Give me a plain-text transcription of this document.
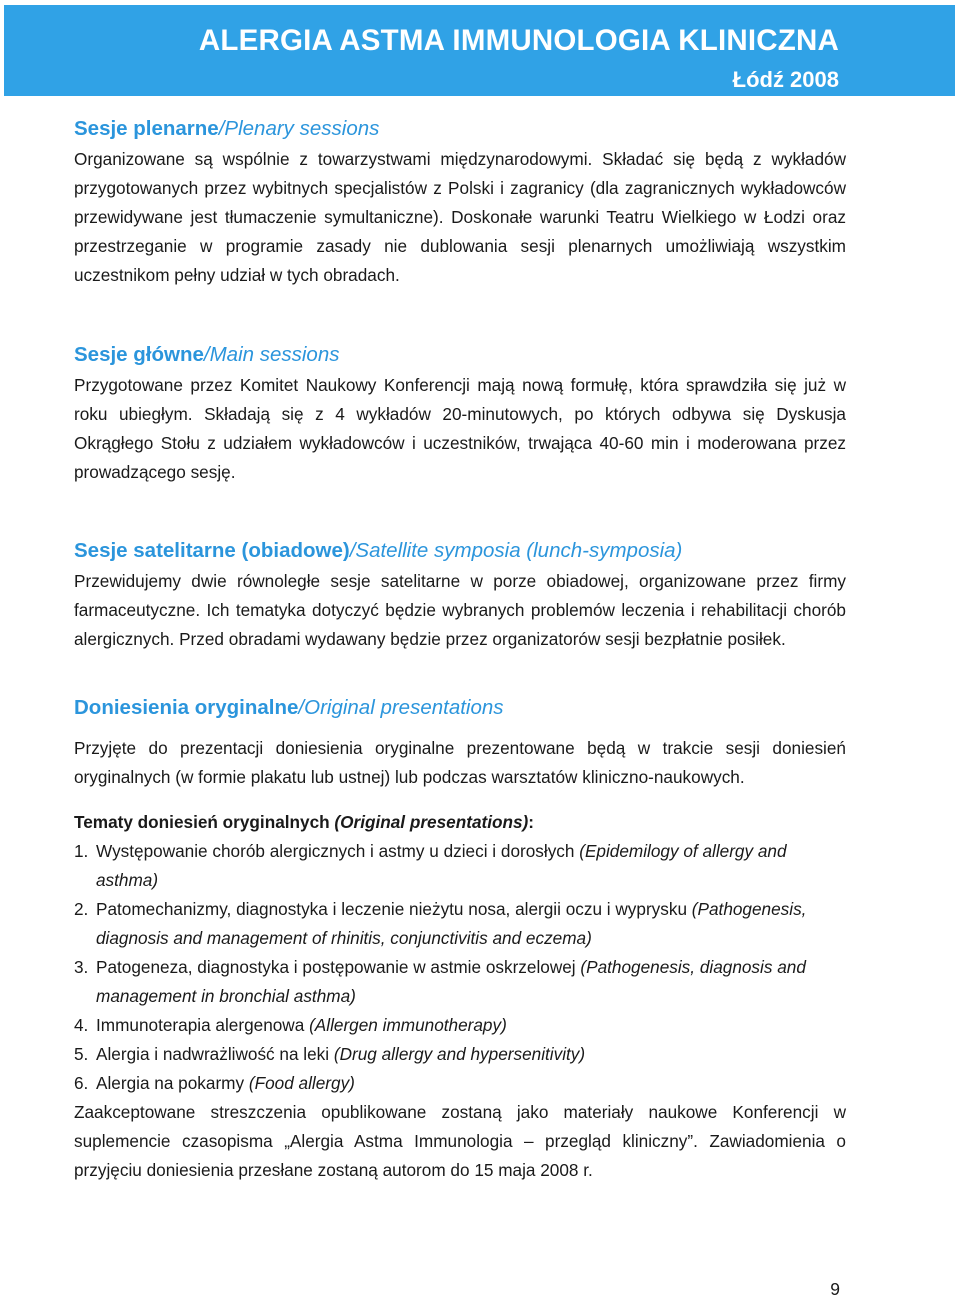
ALERGIA ASTMA IMMUNOLOGIA KLINICZNA
Łódź 2008
Sesje plenarne/Plenary sessions

Organizowane są wspólnie z towarzystwami międzynarodowymi. Składać się będą z wykładów przygotowanych przez wybitnych specjalistów z Polski i zagranicy (dla zagranicznych wykładowców przewidywane jest tłumaczenie symultaniczne). Doskonałe warunki Teatru Wielkiego w Łodzi oraz przestrzeganie w programie zasady nie dublowania sesji plenarnych umożliwiają wszystkim uczestnikom pełny udział w tych obradach.

Sesje główne/Main sessions

Przygotowane przez Komitet Naukowy Konferencji mają nową formułę, która sprawdziła się już w roku ubiegłym. Składają się z 4 wykładów 20-minutowych, po których odbywa się Dyskusja Okrągłego Stołu z udziałem wykładowców i uczestników, trwająca 40-60 min i moderowana przez prowadzącego sesję.

Sesje satelitarne (obiadowe)/Satellite symposia (lunch-symposia)

Przewidujemy dwie równoległe sesje satelitarne w porze obiadowej, organizowane przez firmy farmaceutyczne. Ich tematyka dotyczyć będzie wybranych problemów leczenia i rehabilitacji chorób alergicznych. Przed obradami wydawany będzie przez organizatorów sesji bezpłatnie posiłek.

Doniesienia oryginalne/Original presentations

Przyjęte do prezentacji doniesienia oryginalne prezentowane będą w trakcie sesji doniesień oryginalnych (w formie plakatu lub ustnej) lub podczas warsztatów kliniczno-naukowych.

Tematy doniesień oryginalnych (Original presentations):

1. Występowanie chorób alergicznych i astmy u dzieci i dorosłych (Epidemilogy of allergy and asthma)
2. Patomechanizmy, diagnostyka i leczenie nieżytu nosa, alergii oczu i wyprysku (Pathogenesis, diagnosis and management of rhinitis, conjunctivitis and eczema)
3. Patogeneza, diagnostyka i postępowanie w astmie oskrzelowej (Pathogenesis, diagnosis and management in bronchial asthma)
4. Immunoterapia alergenowa (Allergen immunotherapy)
5. Alergia i nadwrażliwość na leki (Drug allergy and hypersenitivity)
6. Alergia na pokarmy (Food allergy)

Zaakceptowane streszczenia opublikowane zostaną jako materiały naukowe Konferencji w suplemencie czasopisma „Alergia Astma Immunologia – przegląd kliniczny”. Zawiadomienia o przyjęciu doniesienia przesłane zostaną autorom do 15 maja 2008 r.

9
